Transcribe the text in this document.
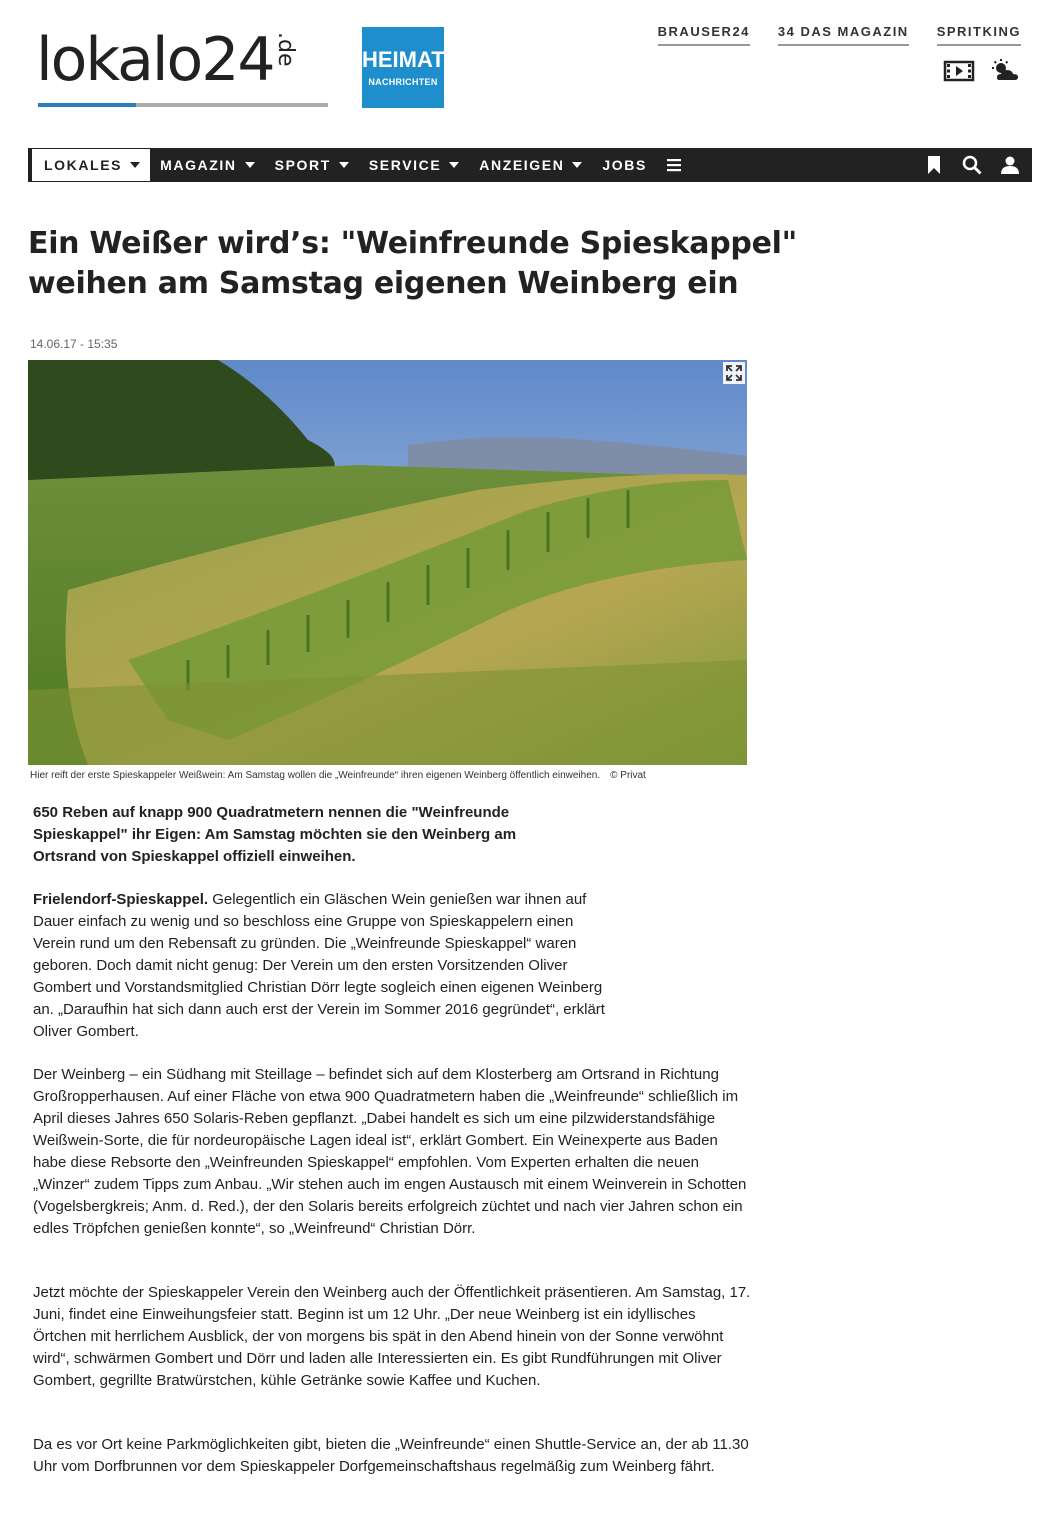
lokalo24 .de	HEIMAT
NACHRICHTEN
BRAUSER24 34 DAS MAGAZIN SPRITKING
LOKALES	MAGAZIN	SPORT	SERVICE	ANZEIGEN	JOBS
Ein Weißer wird’s: "Weinfreunde Spieskappel" weihen am Samstag eigenen Weinberg ein
14.06.17 - 15:35
Hier reift der erste Spieskappeler Weißwein: Am Samstag wollen die „Weinfreunde“ ihren eigenen Weinberg öffentlich einweihen. © Privat

650 Reben auf knapp 900 Quadratmetern nennen die "Weinfreunde Spieskappel" ihr Eigen: Am Samstag möchten sie den Weinberg am Ortsrand von Spieskappel offiziell einweihen.

Frielendorf-Spieskappel. Gelegentlich ein Gläschen Wein genießen war ihnen auf Dauer einfach zu wenig und so beschloss eine Gruppe von Spieskappelern einen Verein rund um den Rebensaft zu gründen. Die „Weinfreunde Spieskappel“ waren geboren. Doch damit nicht genug: Der Verein um den ersten Vorsitzenden Oliver Gombert und Vorstandsmitglied Christian Dörr legte sogleich einen eigenen Weinberg an. „Daraufhin hat sich dann auch erst der Verein im Sommer 2016 gegründet“, erklärt Oliver Gombert.

Der Weinberg – ein Südhang mit Steillage – befindet sich auf dem Klosterberg am Ortsrand in Richtung Großropperhausen. Auf einer Fläche von etwa 900 Quadratmetern haben die „Weinfreunde“ schließlich im April dieses Jahres 650 Solaris-Reben gepflanzt. „Dabei handelt es sich um eine pilzwiderstandsfähige Weißwein-Sorte, die für nordeuropäische Lagen ideal ist“, erklärt Gombert. Ein Weinexperte aus Baden habe diese Rebsorte den „Weinfreunden Spieskappel“ empfohlen. Vom Experten erhalten die neuen „Winzer“ zudem Tipps zum Anbau. „Wir stehen auch im engen Austausch mit einem Weinverein in Schotten (Vogelsbergkreis; Anm. d. Red.), der den Solaris bereits erfolgreich züchtet und nach vier Jahren schon ein edles Tröpfchen genießen konnte“, so „Weinfreund“ Christian Dörr.

Jetzt möchte der Spieskappeler Verein den Weinberg auch der Öffentlichkeit präsentieren. Am Samstag, 17. Juni, findet eine Einweihungsfeier statt. Beginn ist um 12 Uhr. „Der neue Weinberg ist ein idyllisches Örtchen mit herrlichem Ausblick, der von morgens bis spät in den Abend hinein von der Sonne verwöhnt wird“, schwärmen Gombert und Dörr und laden alle Interessierten ein. Es gibt Rundführungen mit Oliver Gombert, gegrillte Bratwürstchen, kühle Getränke sowie Kaffee und Kuchen.

Da es vor Ort keine Parkmöglichkeiten gibt, bieten die „Weinfreunde“ einen Shuttle-Service an, der ab 11.30 Uhr vom Dorfbrunnen vor dem Spieskappeler Dorfgemeinschaftshaus regelmäßig zum Weinberg fährt.
